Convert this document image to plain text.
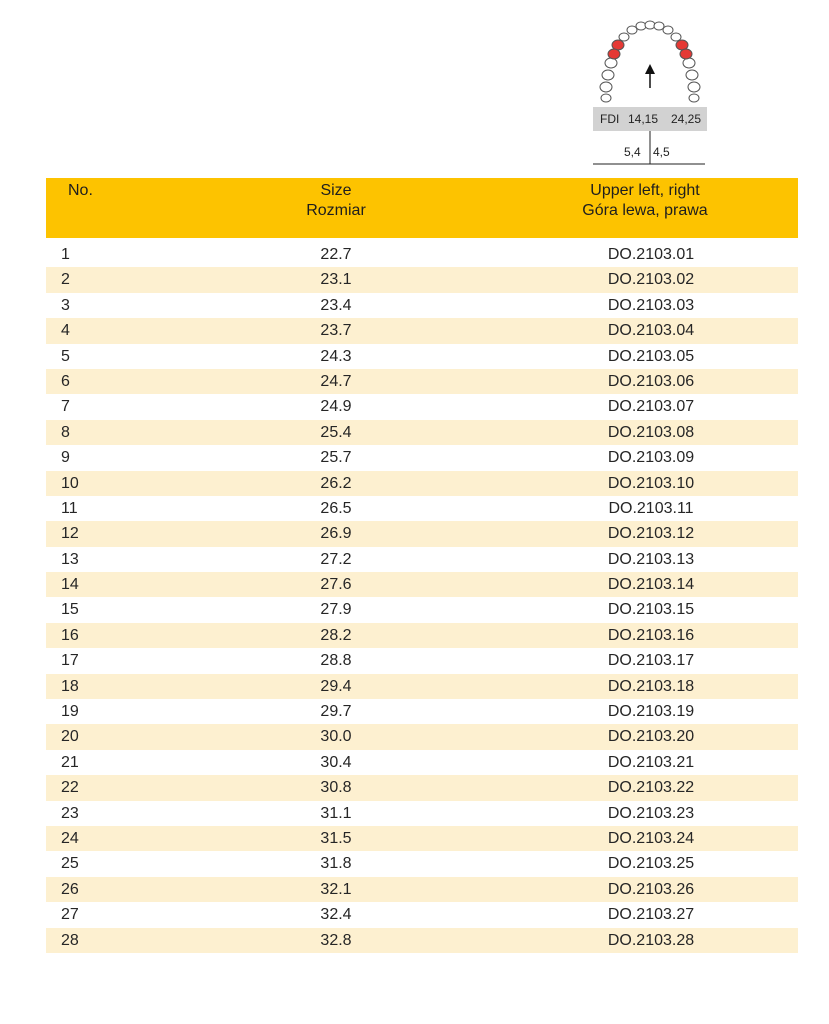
FDI 14,15 24,25
5,4 4,5
No.	Size
Rozmiar
Upper left, right
Góra lewa, prawa
1	22.7	DO.2103.01
2	23.1	DO.2103.02
3	23.4	DO.2103.03
4	23.7	DO.2103.04
5	24.3	DO.2103.05
6	24.7	DO.2103.06
7	24.9	DO.2103.07
8	25.4	DO.2103.08
9	25.7	DO.2103.09
10	26.2	DO.2103.10
11	26.5	DO.2103.11
12	26.9	DO.2103.12
13	27.2	DO.2103.13
14	27.6	DO.2103.14
15	27.9	DO.2103.15
16	28.2	DO.2103.16
17	28.8	DO.2103.17
18	29.4	DO.2103.18
19	29.7	DO.2103.19
20	30.0	DO.2103.20
21	30.4	DO.2103.21
22	30.8	DO.2103.22
23	31.1	DO.2103.23
24	31.5	DO.2103.24
25	31.8	DO.2103.25
26	32.1	DO.2103.26
27	32.4	DO.2103.27
28	32.8	DO.2103.28
